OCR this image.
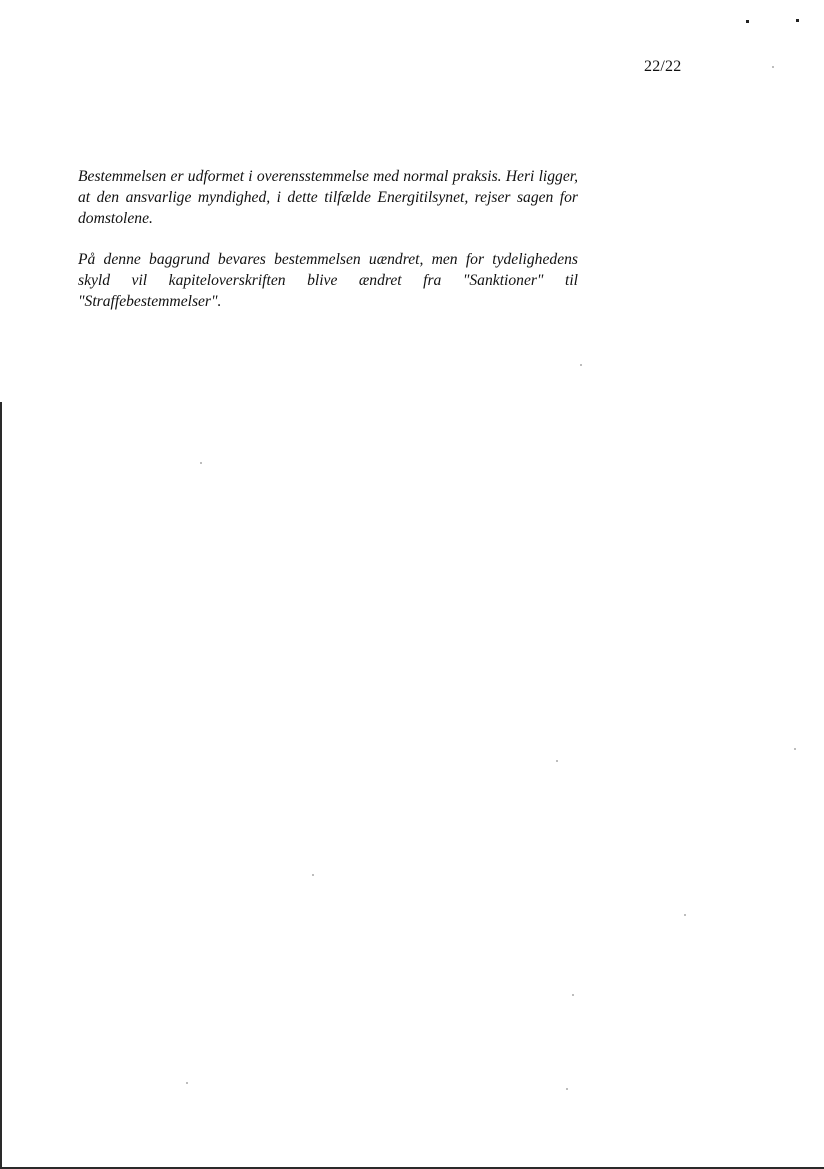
22/22

Bestemmelsen er udformet i overensstemmelse med normal praksis. Heri ligger, at den ansvarlige myndighed, i dette tilfælde Energitilsynet, rejser sagen for domstolene.

På denne baggrund bevares bestemmelsen uændret, men for tydelighedens skyld vil kapiteloverskriften blive ændret fra "Sanktioner" til "Straffebestemmelser".
